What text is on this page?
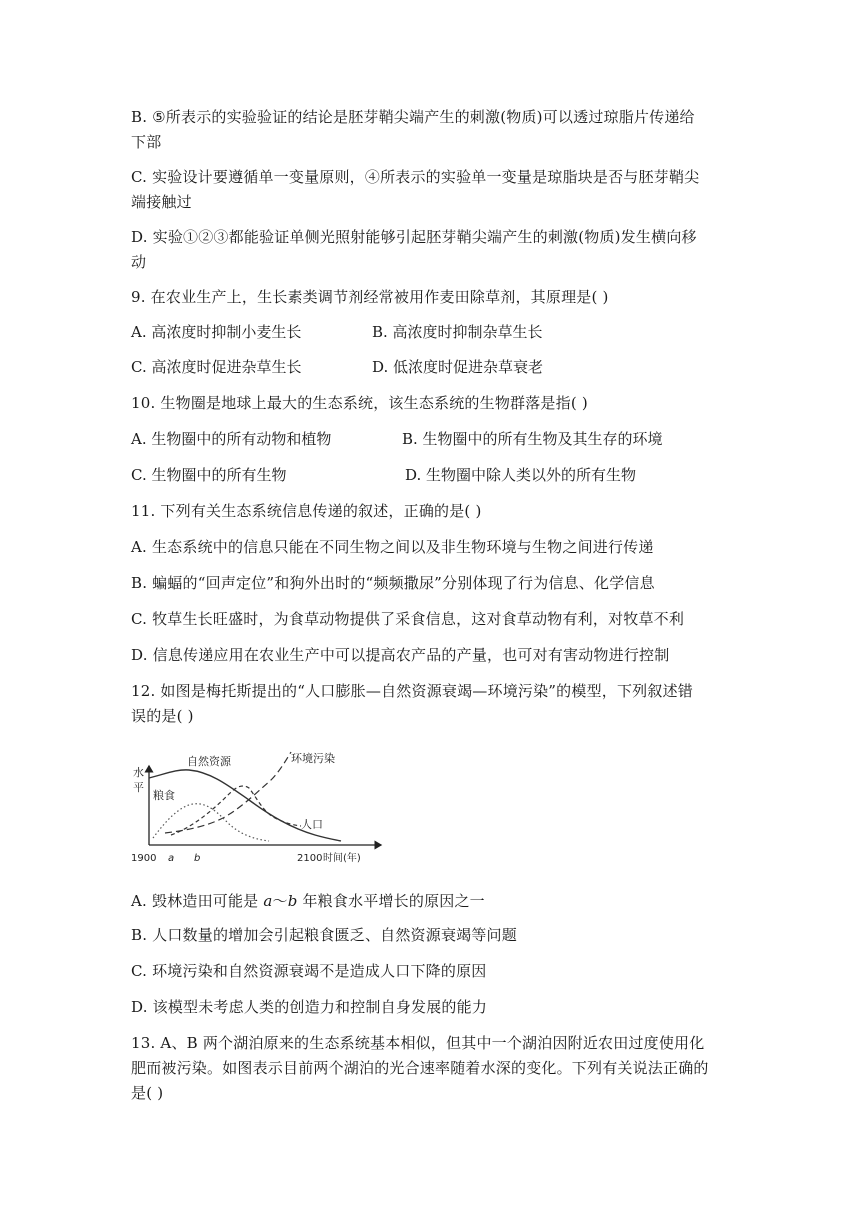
B. ⑤所表示的实验验证的结论是胚芽鞘尖端产生的刺激(物质)可以透过琼脂片传递给
下部
C. 实验设计要遵循单一变量原则，④所表示的实验单一变量是琼脂块是否与胚芽鞘尖
端接触过
D. 实验①②③都能验证单侧光照射能够引起胚芽鞘尖端产生的刺激(物质)发生横向移
动
9. 在农业生产上，生长素类调节剂经常被用作麦田除草剂，其原理是( )
A. 高浓度时抑制小麦生长	B. 高浓度时抑制杂草生长
C. 高浓度时促进杂草生长	D. 低浓度时促进杂草衰老
10. 生物圈是地球上最大的生态系统，该生态系统的生物群落是指( )
A. 生物圈中的所有动物和植物	B. 生物圈中的所有生物及其生存的环境
C. 生物圈中的所有生物	D. 生物圈中除人类以外的所有生物
11. 下列有关生态系统信息传递的叙述，正确的是( )
A. 生态系统中的信息只能在不同生物之间以及非生物环境与生物之间进行传递
B. 蝙蝠的“回声定位”和狗外出时的“频频撒尿”分别体现了行为信息、化学信息
C. 牧草生长旺盛时，为食草动物提供了采食信息，这对食草动物有利，对牧草不利
D. 信息传递应用在农业生产中可以提高农产品的产量，也可对有害动物进行控制
12. 如图是梅托斯提出的“人口膨胀—自然资源衰竭—环境污染”的模型，下列叙述错
误的是( )
水
平
自然资源	环境污染
粮食
人口
1900 a b	2100 时间(年)
A. 毁林造田可能是 a～b 年粮食水平增长的原因之一
B. 人口数量的增加会引起粮食匮乏、自然资源衰竭等问题
C. 环境污染和自然资源衰竭不是造成人口下降的原因
D. 该模型未考虑人类的创造力和控制自身发展的能力
13. A、B 两个湖泊原来的生态系统基本相似，但其中一个湖泊因附近农田过度使用化
肥而被污染。如图表示目前两个湖泊的光合速率随着水深的变化。下列有关说法正确的
是( )
